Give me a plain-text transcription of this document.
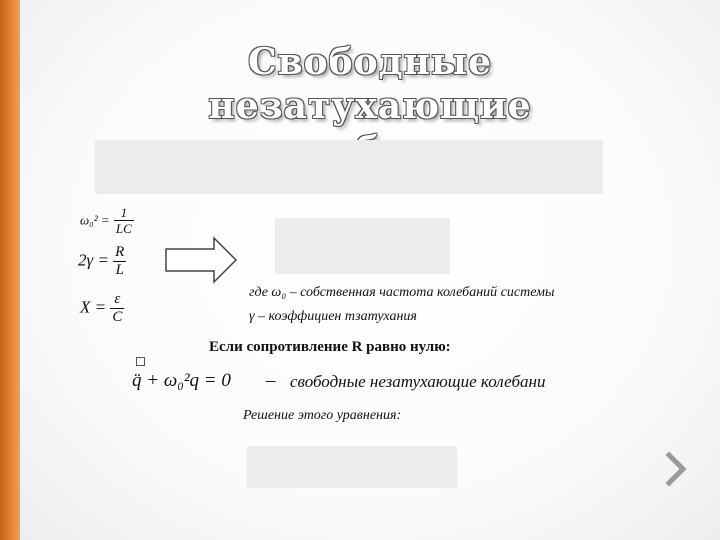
Свободные незатухающие
$\omega_0^2 = \frac{1}{LC}$
$2\gamma = \frac{R}{L}$
$X = \frac{\varepsilon}{C}$	где ω₀ – собственная частота колебаний системы
γ – коэффициен тзатухания
Если сопротивление R равно нулю:
q̈ + ω₀²q = 0 – свободные незатухающие колебани
Решение этого уравнения:
